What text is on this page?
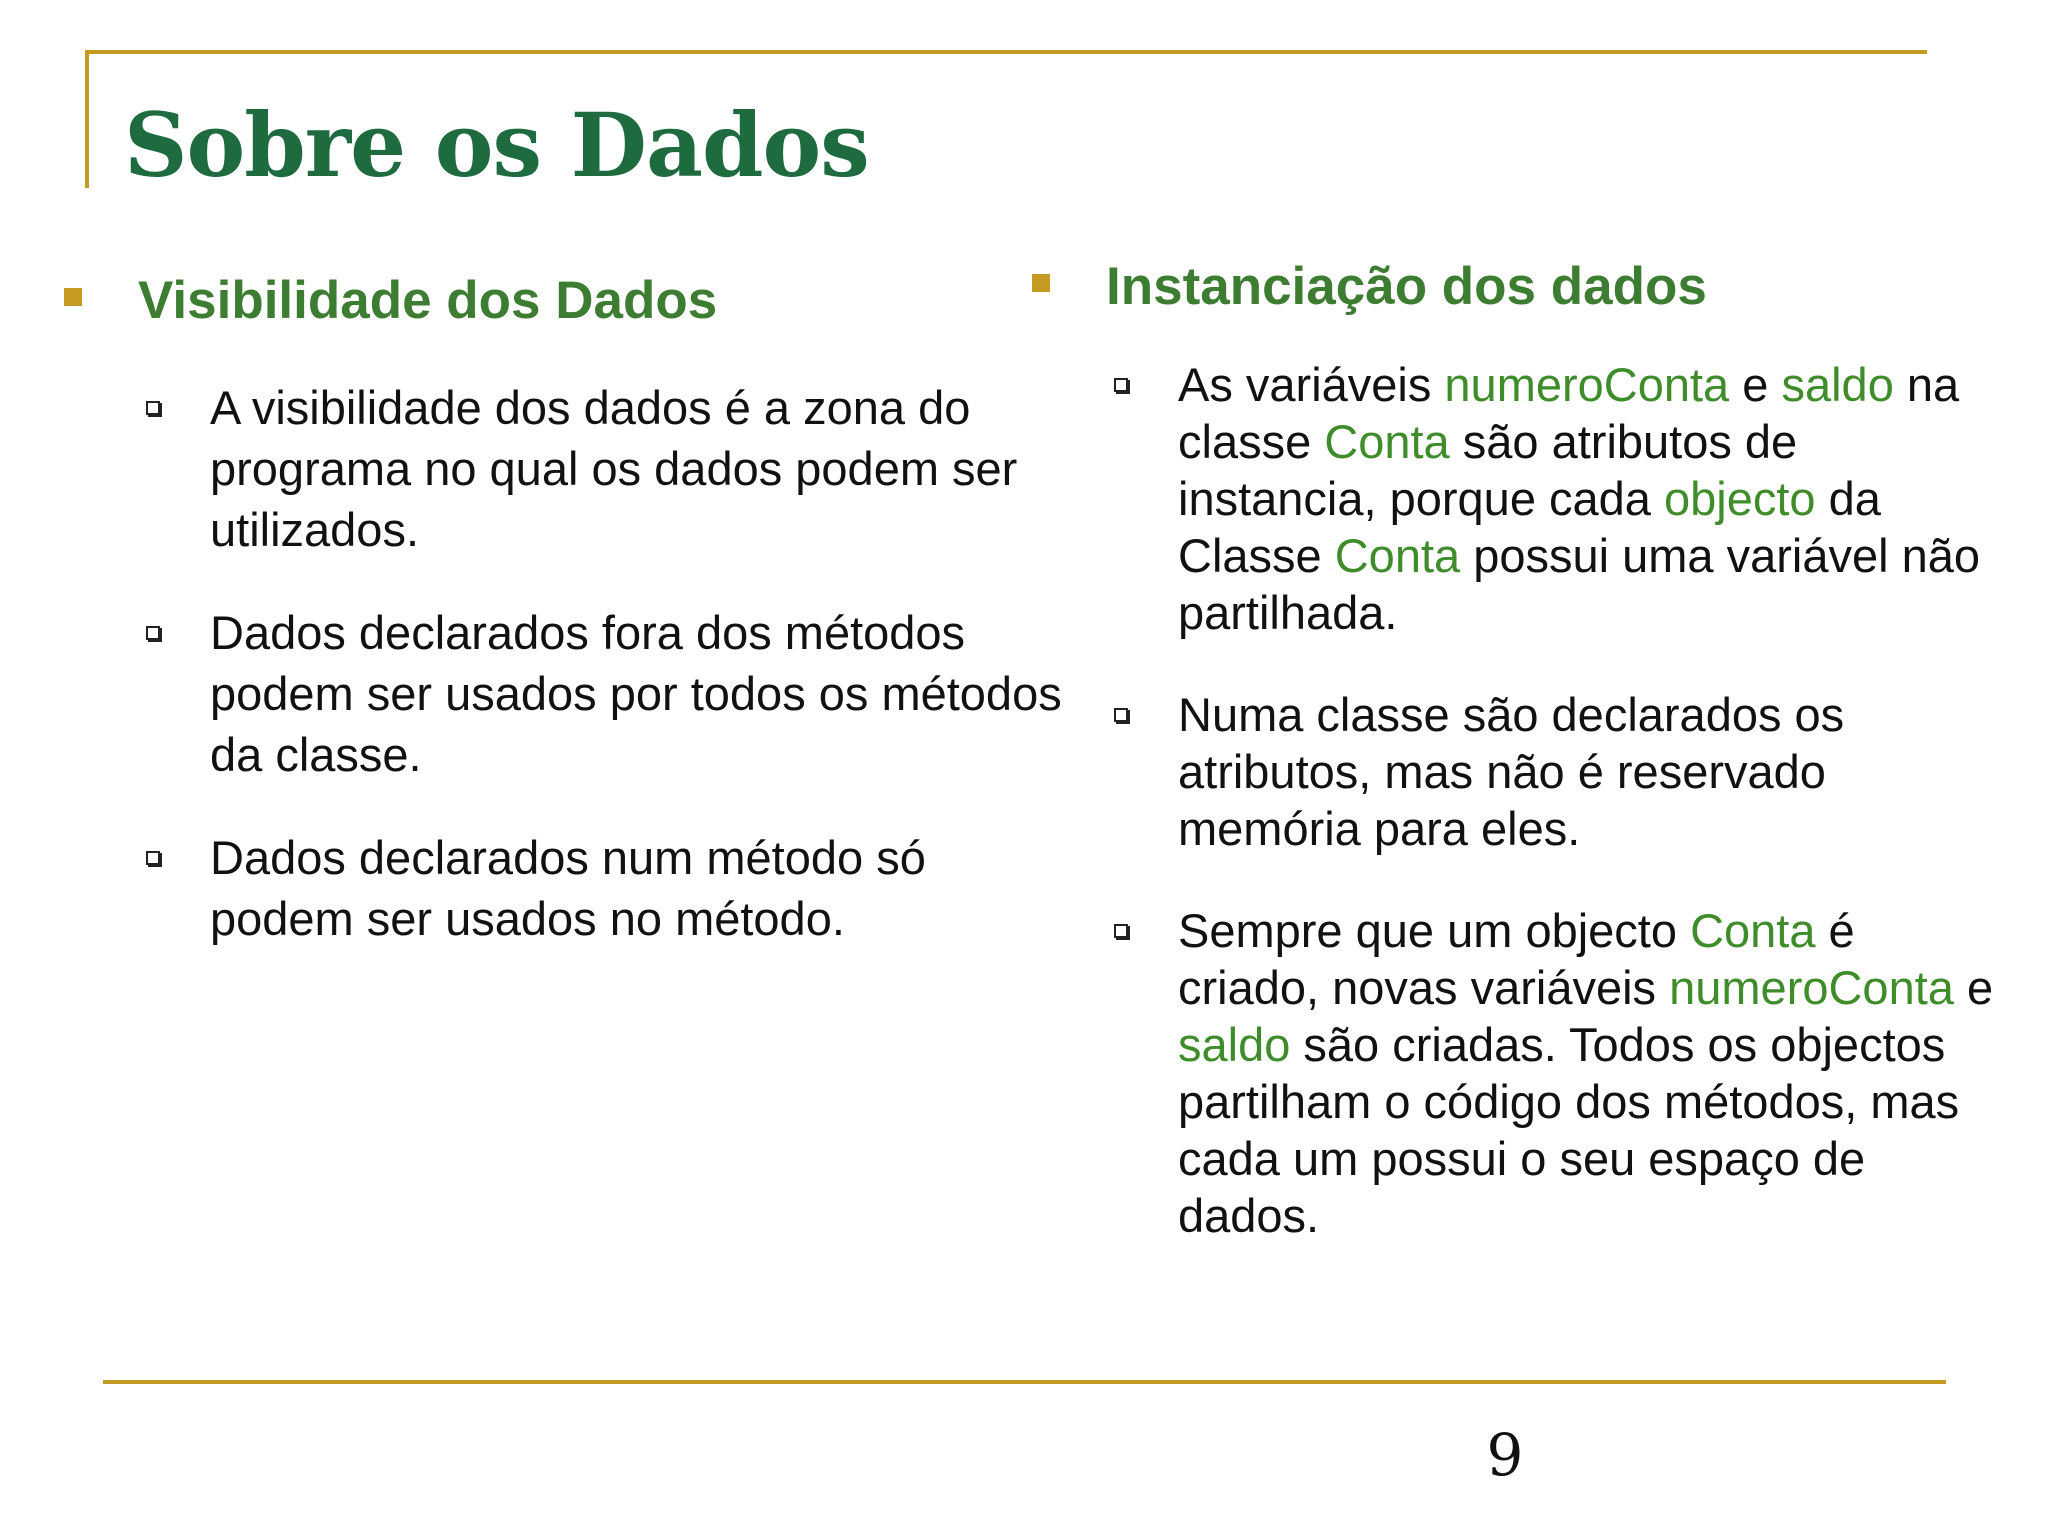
Sobre os Dados
Visibilidade dos Dados
A visibilidade dos dados é a zona do programa no qual os dados podem ser utilizados.
Dados declarados fora dos métodos podem ser usados por todos os métodos da classe.
Dados declarados num método só podem ser usados no método.
Instanciação dos dados
As variáveis numeroConta e saldo na classe Conta são atributos de instancia, porque cada objecto da Classe Conta possui uma variável não partilhada.
Numa classe são declarados os atributos, mas não é reservado memória para eles.
Sempre que um objecto Conta é criado, novas variáveis numeroConta e saldo são criadas. Todos os objectos partilham o código dos métodos, mas cada um possui o seu espaço de dados.
9
